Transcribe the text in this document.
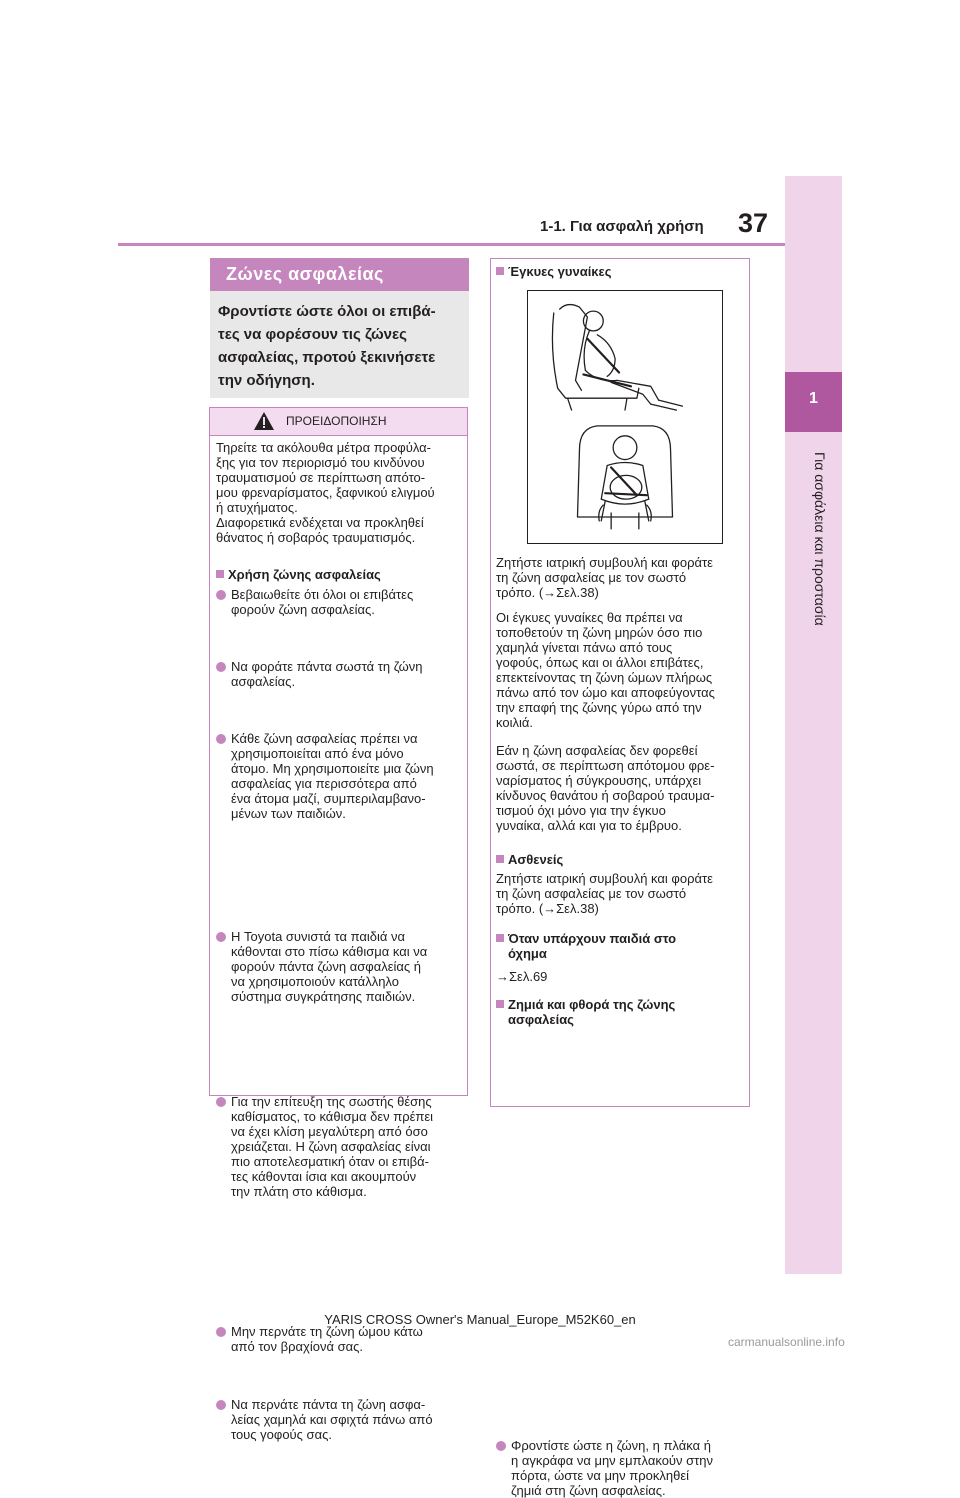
1-1. Για ασφαλή χρήση 37
1
Για ασφάλεια και προστασία
Ζώνες ασφαλείας
Φροντίστε ώστε όλοι οι επιβά-
τες να φορέσουν τις ζώνες
ασφαλείας, προτού ξεκινήσετε
την οδήγηση.
ΠΡΟΕΙΔΟΠΟΙΗΣΗ
Τηρείτε τα ακόλουθα μέτρα προφύλα-
ξης για τον περιορισμό του κινδύνου
τραυματισμού σε περίπτωση απότο-
μου φρεναρίσματος, ξαφνικού ελιγμού
ή ατυχήματος.
Διαφορετικά ενδέχεται να προκληθεί
θάνατος ή σοβαρός τραυματισμός.
Χρήση ζώνης ασφαλείας
Βεβαιωθείτε ότι όλοι οι επιβάτες
φορούν ζώνη ασφαλείας.
Να φοράτε πάντα σωστά τη ζώνη
ασφαλείας.
Κάθε ζώνη ασφαλείας πρέπει να
χρησιμοποιείται από ένα μόνο
άτομο. Μη χρησιμοποιείτε μια ζώνη
ασφαλείας για περισσότερα από
ένα άτομα μαζί, συμπεριλαμβανο-
μένων των παιδιών.
Η Toyota συνιστά τα παιδιά να
κάθονται στο πίσω κάθισμα και να
φορούν πάντα ζώνη ασφαλείας ή
να χρησιμοποιούν κατάλληλο
σύστημα συγκράτησης παιδιών.
Για την επίτευξη της σωστής θέσης
καθίσματος, το κάθισμα δεν πρέπει
να έχει κλίση μεγαλύτερη από όσο
χρειάζεται. Η ζώνη ασφαλείας είναι
πιο αποτελεσματική όταν οι επιβά-
τες κάθονται ίσια και ακουμπούν
την πλάτη στο κάθισμα.
Μην περνάτε τη ζώνη ώμου κάτω
από τον βραχίονά σας.
Να περνάτε πάντα τη ζώνη ασφα-
λείας χαμηλά και σφιχτά πάνω από
τους γοφούς σας.
Έγκυες γυναίκες
Ζητήστε ιατρική συμβουλή και φοράτε
τη ζώνη ασφαλείας με τον σωστό
τρόπο. (→Σελ.38)
Οι έγκυες γυναίκες θα πρέπει να
τοποθετούν τη ζώνη μηρών όσο πιο
χαμηλά γίνεται πάνω από τους
γοφούς, όπως και οι άλλοι επιβάτες,
επεκτείνοντας τη ζώνη ώμων πλήρως
πάνω από τον ώμο και αποφεύγοντας
την επαφή της ζώνης γύρω από την
κοιλιά.
Εάν η ζώνη ασφαλείας δεν φορεθεί
σωστά, σε περίπτωση απότομου φρε-
ναρίσματος ή σύγκρουσης, υπάρχει
κίνδυνος θανάτου ή σοβαρού τραυμα-
τισμού όχι μόνο για την έγκυο
γυναίκα, αλλά και για το έμβρυο.
Ασθενείς
Ζητήστε ιατρική συμβουλή και φοράτε
τη ζώνη ασφαλείας με τον σωστό
τρόπο. (→Σελ.38)
Όταν υπάρχουν παιδιά στο
όχημα
→Σελ.69
Ζημιά και φθορά της ζώνης
ασφαλείας
Φροντίστε ώστε η ζώνη, η πλάκα ή
η αγκράφα να μην εμπλακούν στην
πόρτα, ώστε να μην προκληθεί
ζημιά στη ζώνη ασφαλείας.
YARIS CROSS Owner's Manual_Europe_M52K60_en
carmanualsonline.info
